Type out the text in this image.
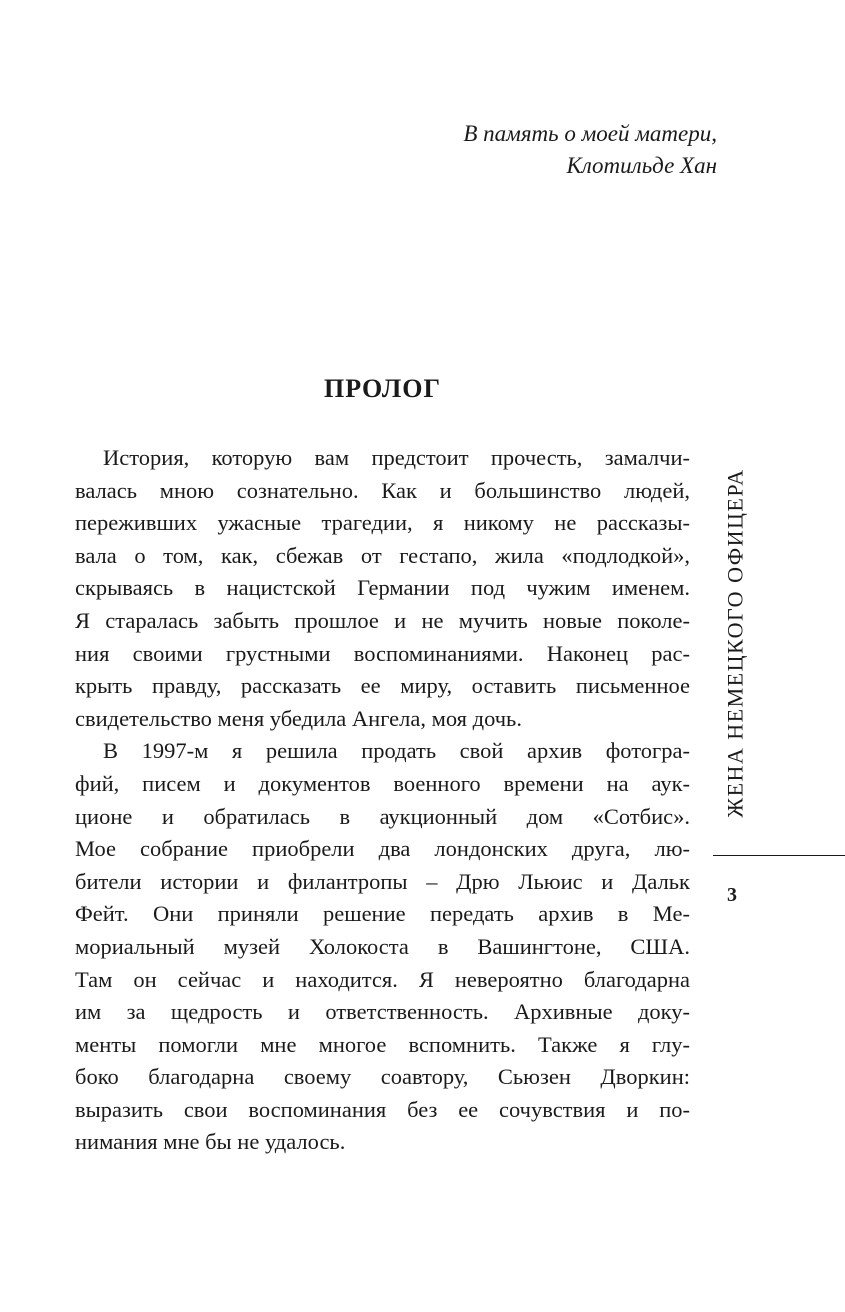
В память о моей матери,
Клотильде Хан
ПРОЛОГ
История, которую вам предстоит прочесть, замалчи-
валась мною сознательно. Как и большинство людей,
переживших ужасные трагедии, я никому не рассказы-
вала о том, как, сбежав от гестапо, жила «подлодкой»,
скрываясь в нацистской Германии под чужим именем.
Я старалась забыть прошлое и не мучить новые поколе-
ния своими грустными воспоминаниями. Наконец рас-
крыть правду, рассказать ее миру, оставить письменное
свидетельство меня убедила Ангела, моя дочь.
В 1997-м я решила продать свой архив фотогра-
фий, писем и документов военного времени на аук-
ционе и обратилась в аукционный дом «Сотбис».
Мое собрание приобрели два лондонских друга, лю-
бители истории и филантропы – Дрю Льюис и Дальк
Фейт. Они приняли решение передать архив в Ме-
мориальный музей Холокоста в Вашингтоне, США.
Там он сейчас и находится. Я невероятно благодарна
им за щедрость и ответственность. Архивные доку-
менты помогли мне многое вспомнить. Также я глу-
боко благодарна своему соавтору, Сьюзен Дворкин:
выразить свои воспоминания без ее сочувствия и по-
нимания мне бы не удалось.
ЖЕНА НЕМЕЦКОГО ОФИЦЕРА
3
